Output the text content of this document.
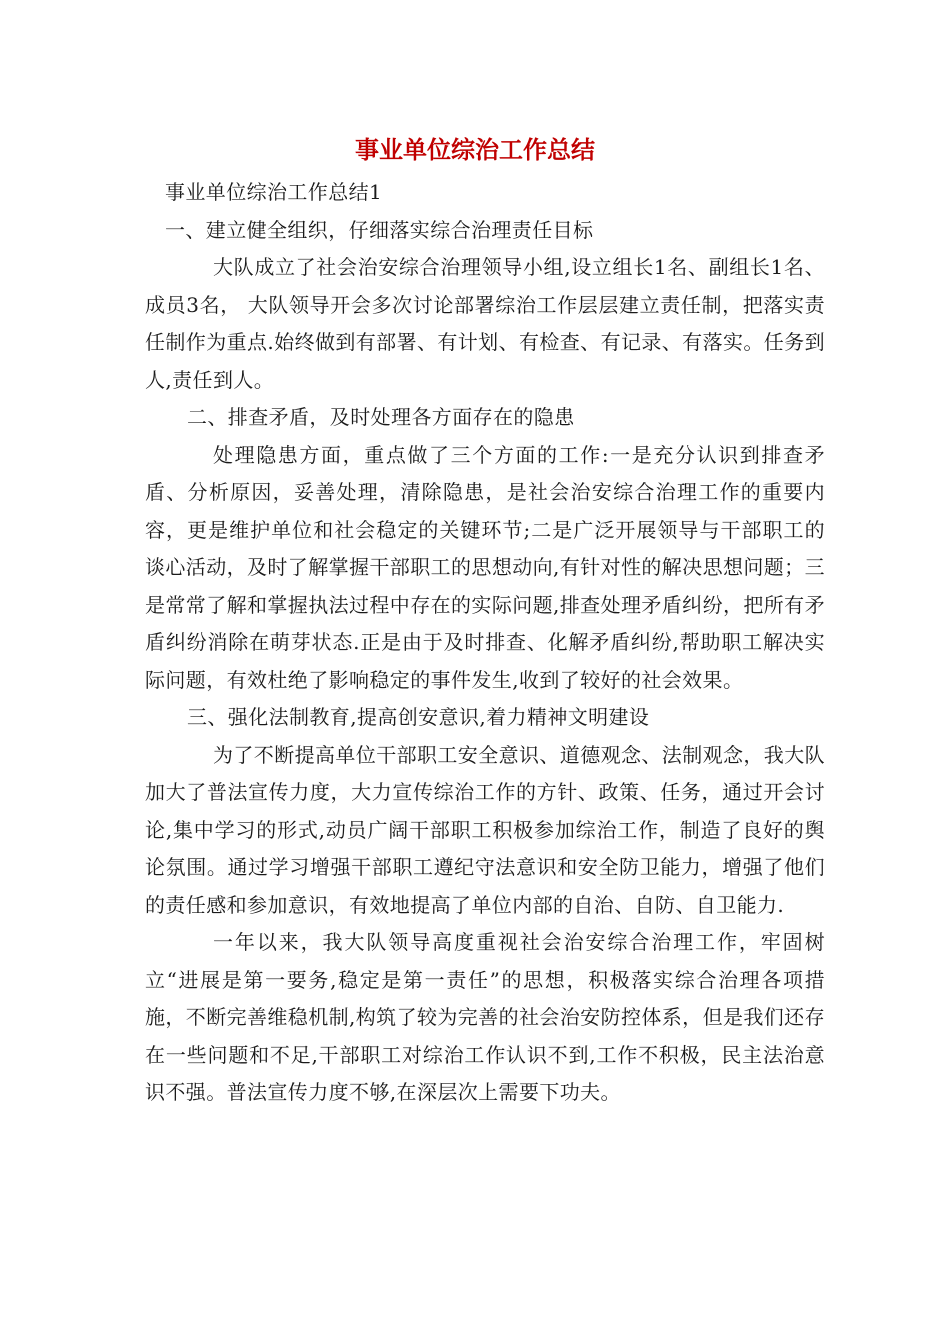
事业单位综治工作总结

事业单位综治工作总结1

一、建立健全组织，仔细落实综合治理责任目标

大队成立了社会治安综合治理领导小组,设立组长1名、副组长1名、成员3名， 大队领导开会多次讨论部署综治工作层层建立责任制，把落实责任制作为重点.始终做到有部署、有计划、有检查、有记录、有落实。任务到人,责任到人。

二、排查矛盾，及时处理各方面存在的隐患

处理隐患方面，重点做了三个方面的工作:一是充分认识到排查矛盾、分析原因，妥善处理，清除隐患，是社会治安综合治理工作的重要内容，更是维护单位和社会稳定的关键环节;二是广泛开展领导与干部职工的谈心活动，及时了解掌握干部职工的思想动向,有针对性的解决思想问题；三是常常了解和掌握执法过程中存在的实际问题,排查处理矛盾纠纷，把所有矛盾纠纷消除在萌芽状态.正是由于及时排查、化解矛盾纠纷,帮助职工解决实际问题，有效杜绝了影响稳定的事件发生,收到了较好的社会效果。

三、强化法制教育,提高创安意识,着力精神文明建设

为了不断提高单位干部职工安全意识、道德观念、法制观念，我大队加大了普法宣传力度，大力宣传综治工作的方针、政策、任务，通过开会讨论,集中学习的形式,动员广阔干部职工积极参加综治工作，制造了良好的舆论氛围。通过学习增强干部职工遵纪守法意识和安全防卫能力，增强了他们的责任感和参加意识，有效地提高了单位内部的自治、自防、自卫能力.

一年以来，我大队领导高度重视社会治安综合治理工作，牢固树立“进展是第一要务,稳定是第一责任”的思想，积极落实综合治理各项措施，不断完善维稳机制,构筑了较为完善的社会治安防控体系，但是我们还存在一些问题和不足,干部职工对综治工作认识不到,工作不积极，民主法治意识不强。普法宣传力度不够,在深层次上需要下功夫。
